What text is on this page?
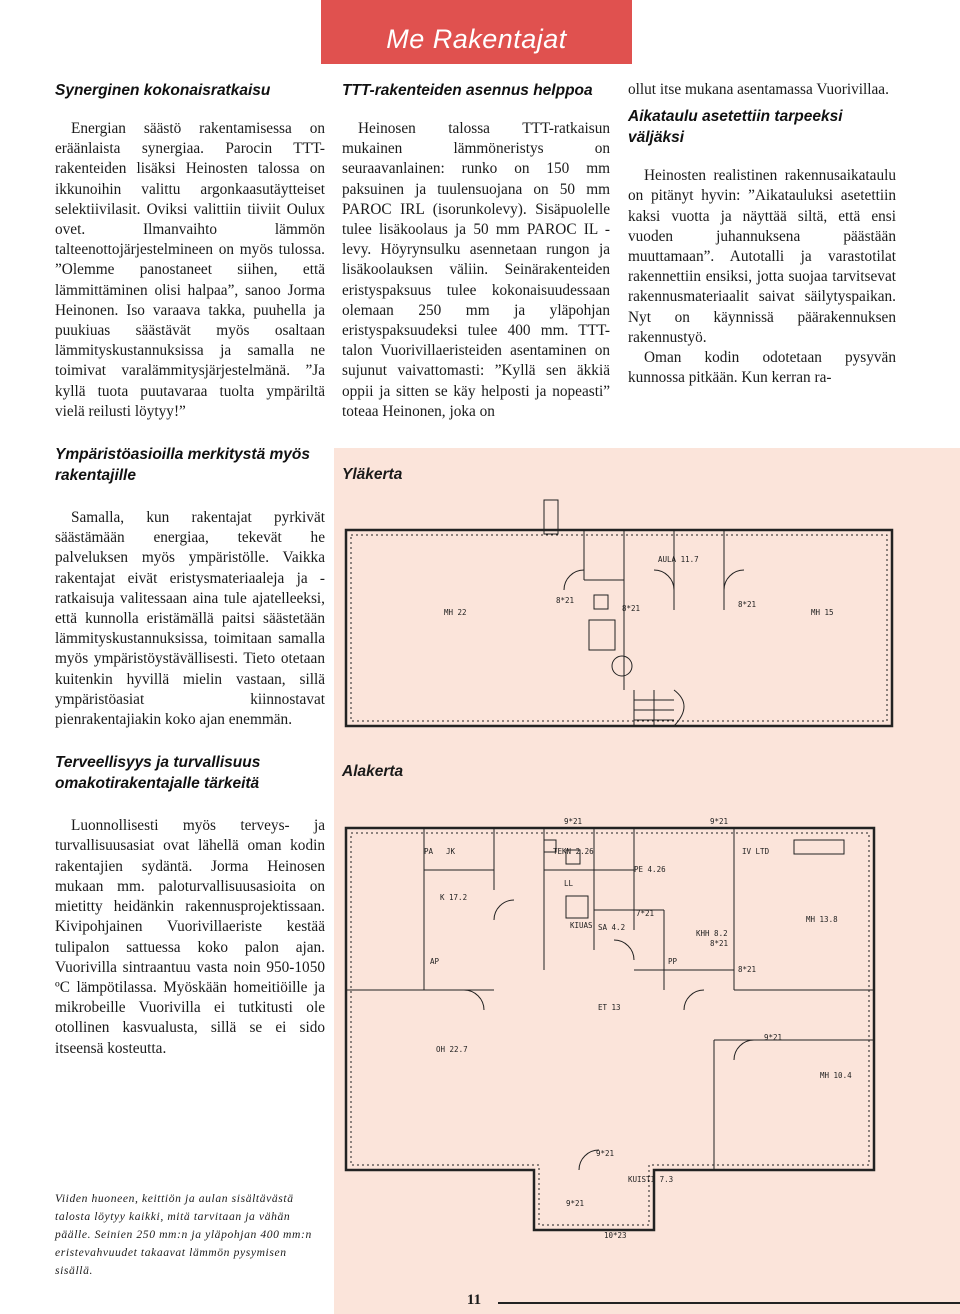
Me Rakentajat
Synerginen kokonaisratkaisu

Energian säästö rakentamisessa on eräänlaista synergiaa. Parocin TTT-rakenteiden lisäksi Heinosten talossa on ikkunoihin valittu argonkaasutäytteiset selektiivilasit. Oviksi valittiin tiiviit Oulux ovet. Ilmanvaihto lämmön talteenottojärjestelmineen on myös tulossa. ”Olemme panostaneet siihen, että lämmittäminen olisi halpaa”, sanoo Jorma Heinonen. Iso varaava takka, puuhella ja puukiuas säästävät myös osaltaan lämmityskustannuksissa ja samalla ne toimivat varalämmitysjärjestelmänä. ”Ja kyllä tuota puutavaraa tuolta ympäriltä vielä reilusti löytyy!”

Ympäristöasioilla merkitystä myös rakentajille

Samalla, kun rakentajat pyrkivät säästämään energiaa, tekevät he palveluksen myös ympäristölle. Vaikka rakentajat eivät eristysmateriaaleja ja -ratkaisuja valitessaan aina tule ajatelleeksi, että kunnolla eristämällä paitsi säästetään lämmityskustannuksissa, toimitaan samalla myös ympäristöystävällisesti. Tieto otetaan kuitenkin hyvillä mielin vastaan, sillä ympäristöasiat kiinnostavat pienrakentajiakin koko ajan enemmän.

Terveellisyys ja turvallisuus omakotirakentajalle tärkeitä

Luonnollisesti myös terveys- ja turvallisuusasiat ovat lähellä oman kodin rakentajien sydäntä. Jorma Heinosen mukaan mm. paloturvallisuusasioita on mietitty heidänkin rakennusprojektissaan. Kivipohjainen Vuorivillaeriste kestää tulipalon sattuessa koko palon ajan. Vuorivilla sintraantuu vasta noin 950-1050 ºC lämpötilassa. Myöskään homeitiöille ja mikrobeille Vuorivilla ei tutkitusti ole otollinen kasvualusta, sillä se ei sido itseensä kosteutta.

TTT-rakenteiden asennus helppoa

Heinosen talossa TTT-ratkaisun mukainen lämmöneristys on seuraavanlainen: runko on 150 mm paksuinen ja tuulensuojana on 50 mm PAROC IRL (isorunkolevy). Sisäpuolelle tulee lisäkoolaus ja 50 mm PAROC IL -levy. Höyrynsulku asennetaan rungon ja lisäkoolauksen väliin. Seinärakenteiden eristyspaksuus tulee kokonaisuudessaan olemaan 250 mm ja yläpohjan eristyspaksuudeksi tulee 400 mm. TTT-talon Vuorivillaeristeiden asentaminen on sujunut vaivattomasti: ”Kyllä sen äkkiä oppii ja sitten se käy helposti ja nopeasti” toteaa Heinonen, joka on

ollut itse mukana asentamassa Vuorivillaa.

Aikataulu asetettiin tarpeeksi väljäksi

Heinosten realistinen rakennusaikataulu on pitänyt hyvin: ”Aikatauluksi asetettiin kaksi vuotta ja näyttää siltä, että ensi vuoden juhannuksena päästään muuttamaan”. Autotalli ja varastotilat rakennettiin ensiksi, jotta suojaa tarvitsevat rakennusmateriaalit saivat säilytyspaikan. Nyt on käynnissä päärakennuksen rakennustyö.

Oman kodin odotetaan pysyvän kunnossa pitkään. Kun kerran ra-

Yläkerta
Alakerta
AULA 11.7
MH 22	MH 15
8*21
8*21	8*21
9*21	9*21
PA JK	TEKN 2.26	IV LTD
PE 4.26
LL
K 17.2
KIUAS SA 4.2
7*21
KHH 8.2
MH 13.8
AP	PP
8*21
8*21
ET 13
9*21
OH 22.7
MH 10.4
9*21
KUISTI 7.3
9*21
10*23

Viiden huoneen, keittiön ja aulan sisältävästä talosta löytyy kaikki, mitä tarvitaan ja vähän päälle. Seinien 250 mm:n ja yläpohjan 400 mm:n eristevahvuudet takaavat lämmön pysymisen sisällä.

11
